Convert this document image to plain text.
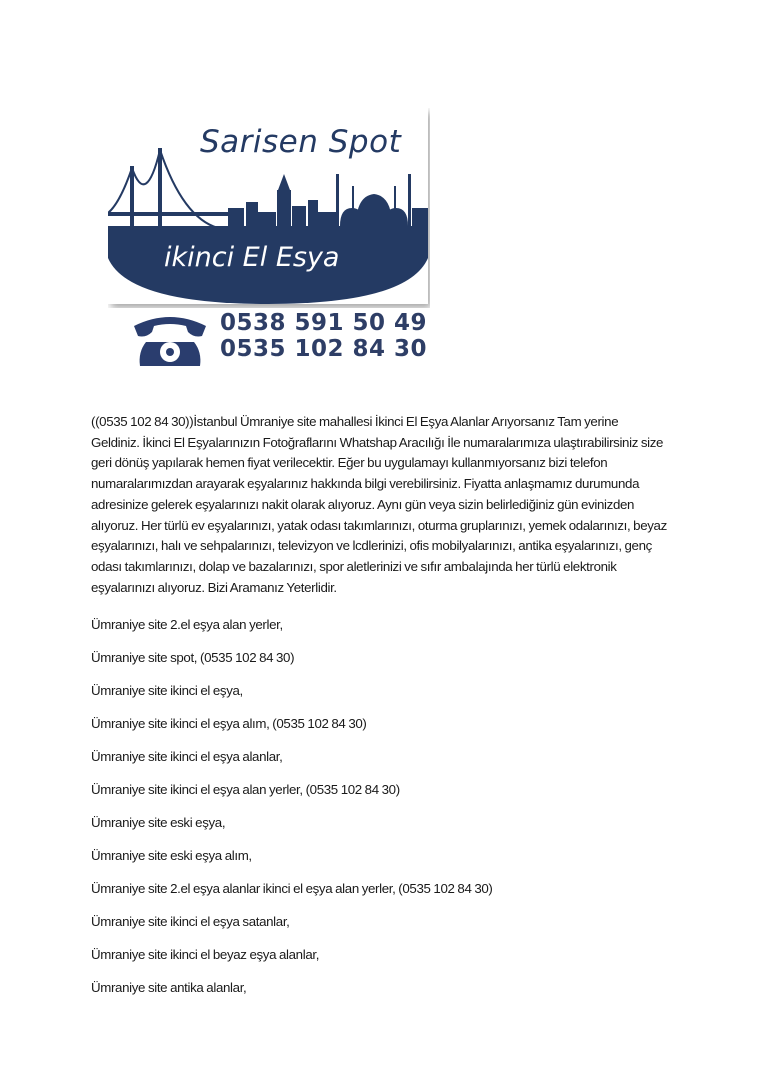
Sarisen Spot
ikinci El Esya
0538 591 50 49
0535 102 84 30

((0535 102 84 30))İstanbul Ümraniye site mahallesi İkinci El Eşya Alanlar Arıyorsanız Tam yerine Geldiniz. İkinci El Eşyalarınızın Fotoğraflarını Whatshap Aracılığı İle numaralarımıza ulaştırabilirsiniz size geri dönüş yapılarak hemen fiyat verilecektir. Eğer bu uygulamayı kullanmıyorsanız bizi telefon numaralarımızdan arayarak eşyalarınız hakkında bilgi verebilirsiniz. Fiyatta anlaşmamız durumunda adresinize gelerek eşyalarınızı nakit olarak alıyoruz. Aynı gün veya sizin belirlediğiniz gün evinizden alıyoruz. Her türlü ev eşyalarınızı, yatak odası takımlarınızı, oturma gruplarınızı, yemek odalarınızı, beyaz eşyalarınızı, halı ve sehpalarınızı, televizyon ve lcdlerinizi, ofis mobilyalarınızı, antika eşyalarınızı, genç odası takımlarınızı, dolap ve bazalarınızı, spor aletlerinizi ve sıfır ambalajında her türlü elektronik eşyalarınızı alıyoruz. Bizi Aramanız Yeterlidir.

Ümraniye site 2.el eşya alan yerler,
Ümraniye site spot, (0535 102 84 30)
Ümraniye site ikinci el eşya,
Ümraniye site ikinci el eşya alım, (0535 102 84 30)
Ümraniye site ikinci el eşya alanlar,
Ümraniye site ikinci el eşya alan yerler, (0535 102 84 30)
Ümraniye site eski eşya,
Ümraniye site eski eşya alım,
Ümraniye site 2.el eşya alanlar ikinci el eşya alan yerler, (0535 102 84 30)
Ümraniye site ikinci el eşya satanlar,
Ümraniye site ikinci el beyaz eşya alanlar,
Ümraniye site antika alanlar,
